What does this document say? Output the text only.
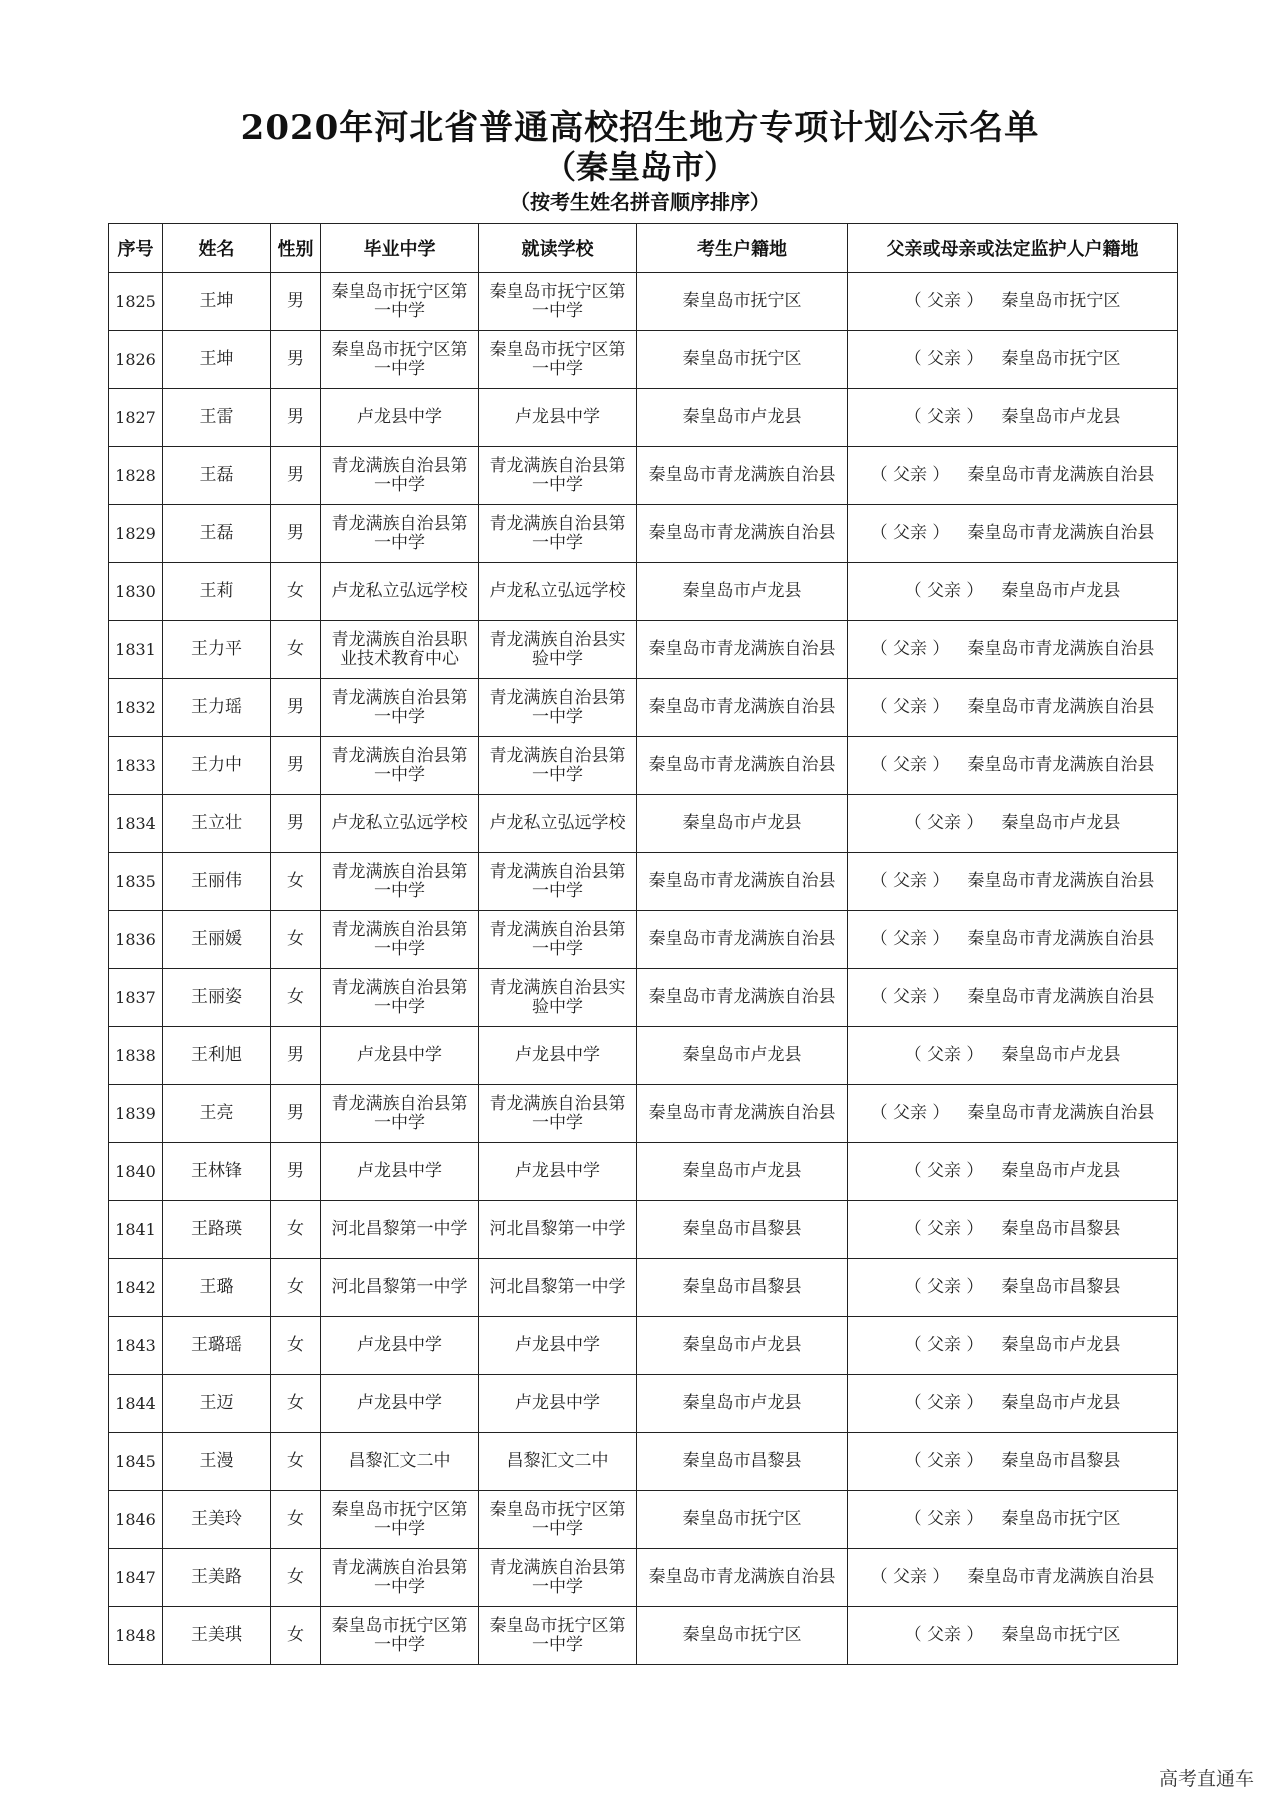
2020年河北省普通高校招生地方专项计划公示名单
（秦皇岛市）
（按考生姓名拼音顺序排序）
序号	姓名	性别	毕业中学	就读学校	考生户籍地	父亲或母亲或法定监护人户籍地
1825	王坤	男	秦皇岛市抚宁区第一中学	秦皇岛市抚宁区第一中学	秦皇岛市抚宁区	（ 父亲 ） 秦皇岛市抚宁区
1826	王坤	男	秦皇岛市抚宁区第一中学	秦皇岛市抚宁区第一中学	秦皇岛市抚宁区	（ 父亲 ） 秦皇岛市抚宁区
1827	王雷	男	卢龙县中学	卢龙县中学	秦皇岛市卢龙县	（ 父亲 ） 秦皇岛市卢龙县
1828	王磊	男	青龙满族自治县第一中学	青龙满族自治县第一中学	秦皇岛市青龙满族自治县	（ 父亲 ） 秦皇岛市青龙满族自治县
1829	王磊	男	青龙满族自治县第一中学	青龙满族自治县第一中学	秦皇岛市青龙满族自治县	（ 父亲 ） 秦皇岛市青龙满族自治县
1830	王莉	女	卢龙私立弘远学校	卢龙私立弘远学校	秦皇岛市卢龙县	（ 父亲 ） 秦皇岛市卢龙县
1831	王力平	女	青龙满族自治县职业技术教育中心	青龙满族自治县实验中学	秦皇岛市青龙满族自治县	（ 父亲 ） 秦皇岛市青龙满族自治县
1832	王力瑶	男	青龙满族自治县第一中学	青龙满族自治县第一中学	秦皇岛市青龙满族自治县	（ 父亲 ） 秦皇岛市青龙满族自治县
1833	王力中	男	青龙满族自治县第一中学	青龙满族自治县第一中学	秦皇岛市青龙满族自治县	（ 父亲 ） 秦皇岛市青龙满族自治县
1834	王立壮	男	卢龙私立弘远学校	卢龙私立弘远学校	秦皇岛市卢龙县	（ 父亲 ） 秦皇岛市卢龙县
1835	王丽伟	女	青龙满族自治县第一中学	青龙满族自治县第一中学	秦皇岛市青龙满族自治县	（ 父亲 ） 秦皇岛市青龙满族自治县
1836	王丽媛	女	青龙满族自治县第一中学	青龙满族自治县第一中学	秦皇岛市青龙满族自治县	（ 父亲 ） 秦皇岛市青龙满族自治县
1837	王丽姿	女	青龙满族自治县第一中学	青龙满族自治县实验中学	秦皇岛市青龙满族自治县	（ 父亲 ） 秦皇岛市青龙满族自治县
1838	王利旭	男	卢龙县中学	卢龙县中学	秦皇岛市卢龙县	（ 父亲 ） 秦皇岛市卢龙县
1839	王亮	男	青龙满族自治县第一中学	青龙满族自治县第一中学	秦皇岛市青龙满族自治县	（ 父亲 ） 秦皇岛市青龙满族自治县
1840	王林锋	男	卢龙县中学	卢龙县中学	秦皇岛市卢龙县	（ 父亲 ） 秦皇岛市卢龙县
1841	王路瑛	女	河北昌黎第一中学	河北昌黎第一中学	秦皇岛市昌黎县	（ 父亲 ） 秦皇岛市昌黎县
1842	王璐	女	河北昌黎第一中学	河北昌黎第一中学	秦皇岛市昌黎县	（ 父亲 ） 秦皇岛市昌黎县
1843	王璐瑶	女	卢龙县中学	卢龙县中学	秦皇岛市卢龙县	（ 父亲 ） 秦皇岛市卢龙县
1844	王迈	女	卢龙县中学	卢龙县中学	秦皇岛市卢龙县	（ 父亲 ） 秦皇岛市卢龙县
1845	王漫	女	昌黎汇文二中	昌黎汇文二中	秦皇岛市昌黎县	（ 父亲 ） 秦皇岛市昌黎县
1846	王美玲	女	秦皇岛市抚宁区第一中学	秦皇岛市抚宁区第一中学	秦皇岛市抚宁区	（ 父亲 ） 秦皇岛市抚宁区
1847	王美路	女	青龙满族自治县第一中学	青龙满族自治县第一中学	秦皇岛市青龙满族自治县	（ 父亲 ） 秦皇岛市青龙满族自治县
1848	王美琪	女	秦皇岛市抚宁区第一中学	秦皇岛市抚宁区第一中学	秦皇岛市抚宁区	（ 父亲 ） 秦皇岛市抚宁区
高考直通车
